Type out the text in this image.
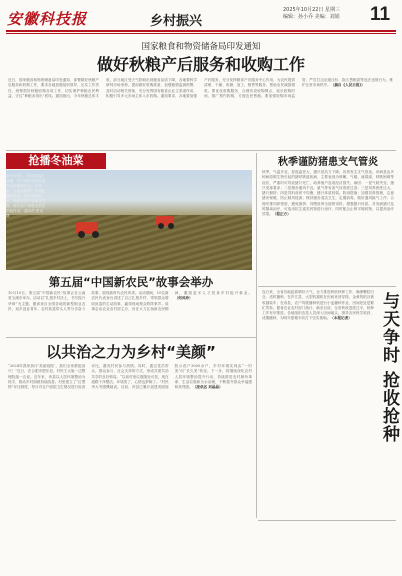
安徽科技报	乡村振兴
2025年10月22日 星期三
编辑：孙小乔 美编：刘娟 11
国家粮食和物资储备局印发通知
做好秋粮产后服务和收购工作
近日，国家粮食和物资储备局印发通知，部署做好秋粮产后服务和收购工作，要求各地加强组织领导，压实工作责任，统筹抓好秋粮收购各项工作，切实保护种粮农民利益，守住“种粮卖得出”底线。通知指出，今年秋粮总体丰收，部分地区受天气影响出现粮食品质下降，各地要科学研判市场形势，提前做好收购准备，加强粮情监测预警，及时启动相关预案，充分发挥国有粮食企业主渠道作用，积极引导多元市场主体入市收购。通知要求，各地要加强产后服务，充分发挥粮食产后服务中心作用，为农民提供清理、干燥、收储、加工、销售等服务，帮助农民减损增收。要优化收购服务，合理布设收购网点，延长收购时间，推广预约收购，方便农民售粮。要加强收购市场监管，严厉打击压级压价、拖欠售粮款等违法违规行为，维护正常市场秩序。（摘自《人民日报》）
抢播冬油菜
10月19日，在全椒县武岗镇，农户驾驶农机开展冬油菜播种作业。近年来，当地积极推广机械化播种技术，提高种植效率，保障油菜产业稳定发展。图为农户驾驶农机在田间作业。通讯员 张龙 摄
秋季谨防猪患支气管炎
秋季，气温多变，昼夜温差大，猪只抵抗力下降，容易发生支气管炎。该病是由多种病原微生物引起的猪呼吸道疾病，主要表现为咳嗽、气喘、流鼻涕、呼吸困难等症状，严重时可导致猪只死亡，给养殖户造成经济损失。病因：一是气候突变，猪只受寒着凉；二是猪舍通风不良，氨气等有害气体浓度过高；三是饲养密度过大，猪只拥挤；四是饲料营养不均衡，猪只体质较弱。防治措施：加强饲养管理，注意猪舍保暖，防止贼风侵袭；保持猪舍清洁卫生，定期消毒，做好通风换气工作；合理安排饲养密度，避免拥挤；饲喂营养全面的饲料，增强猪只体质。对发病猪只及时隔离治疗，可选用抗生素类药物进行治疗，同时配合止咳平喘药物，以提高治疗效果。（程正方）
连日来，全省各地抢抓晴好天气，全力推进秋收秋种工作，确保颗粒归仓、适时播种。在庐江县，大型收割机在田间来回穿梭，金黄的稻谷被收割装车；在寿县，农户驾驶播种机进行小麦播种作业，田间处处是繁忙景象。据省农业农村部门统计，截至目前，全省秋收进度过半，秋种工作有序推进。各地组织农技人员深入田间地头，指导农民科学收获、适期播种，为明年夏粮丰收打下坚实基础。（本报记者）	与天争时 抢收抢种
第五届“中国新农民”故事会举办
10月10日，第五届“中国新农民”故事会在云南省玉溪市举办。活动以“扎根乡村沃土，书写振兴华章”为主题，邀请来自全国各地的新型职业农民、返乡创业青年、农村致富带头人等分享奋斗故事，展现新时代农民风采。活动期间，10位新农民代表登台讲述了自己扎根乡村、带领群众增收致富的生动故事，赢得现场观众阵阵掌声。故事会由农业农村部主办，旨在大力弘扬新农民精神，激励更多人才投身乡村振兴事业。（何凤珍）
以共治之力为乡村“美颜”
“2024年我家获评‘美丽庭院’，我们全家都挺高兴！”近日，在合肥市肥东县，村民王大姐一边整理院落一边说。近年来，该县以人居环境整治为抓手，推动乡村面貌持续改善。村里建立了“红黑榜”评比制度，每月对农户庭院卫生情况进行检查评比，激发村民参与热情。同时，通过党员带头、群众参与、社会支持的方式，形成共建共治共享的良好格局。“以前村里垃圾随处可见，现在道路干净整洁，环境美了，心情也舒畅了。”村民李大爷感慨地说。目前，该县已累计创建美丽庭院示范户3000余户，乡村环境实现由“一时美”向“长久美”转变。下一步，将继续深化农村人居环境整治提升行动，持续推进农村厕所革命、生活垃圾和污水治理，不断提升群众幸福感和获得感。（凌卓远 刘晶晶）
